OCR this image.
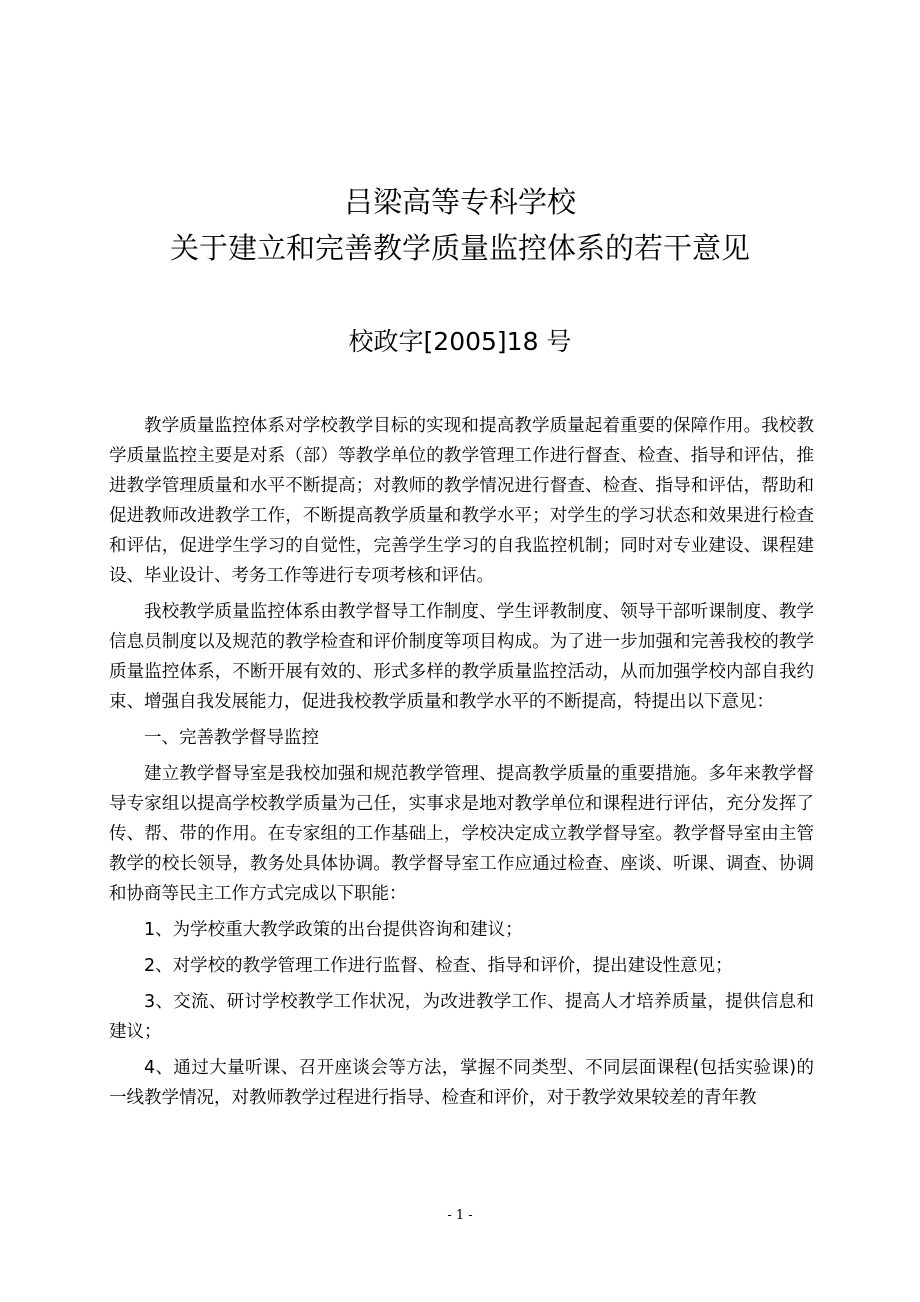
吕梁高等专科学校
关于建立和完善教学质量监控体系的若干意见
校政字[2005]18 号

教学质量监控体系对学校教学目标的实现和提高教学质量起着重要的保障作用。我校教学质量监控主要是对系（部）等教学单位的教学管理工作进行督查、检查、指导和评估，推进教学管理质量和水平不断提高；对教师的教学情况进行督查、检查、指导和评估，帮助和促进教师改进教学工作，不断提高教学质量和教学水平；对学生的学习状态和效果进行检查和评估，促进学生学习的自觉性，完善学生学习的自我监控机制；同时对专业建设、课程建设、毕业设计、考务工作等进行专项考核和评估。

我校教学质量监控体系由教学督导工作制度、学生评教制度、领导干部听课制度、教学信息员制度以及规范的教学检查和评价制度等项目构成。为了进一步加强和完善我校的教学质量监控体系，不断开展有效的、形式多样的教学质量监控活动，从而加强学校内部自我约束、增强自我发展能力，促进我校教学质量和教学水平的不断提高，特提出以下意见：

一、完善教学督导监控

建立教学督导室是我校加强和规范教学管理、提高教学质量的重要措施。多年来教学督导专家组以提高学校教学质量为己任，实事求是地对教学单位和课程进行评估，充分发挥了传、帮、带的作用。在专家组的工作基础上，学校决定成立教学督导室。教学督导室由主管教学的校长领导，教务处具体协调。教学督导室工作应通过检查、座谈、听课、调查、协调和协商等民主工作方式完成以下职能：

1、为学校重大教学政策的出台提供咨询和建议；

2、对学校的教学管理工作进行监督、检查、指导和评价，提出建设性意见；

3、交流、研讨学校教学工作状况，为改进教学工作、提高人才培养质量，提供信息和建议；

4、通过大量听课、召开座谈会等方法，掌握不同类型、不同层面课程(包括实验课)的一线教学情况，对教师教学过程进行指导、检查和评价，对于教学效果较差的青年教

- 1 -
